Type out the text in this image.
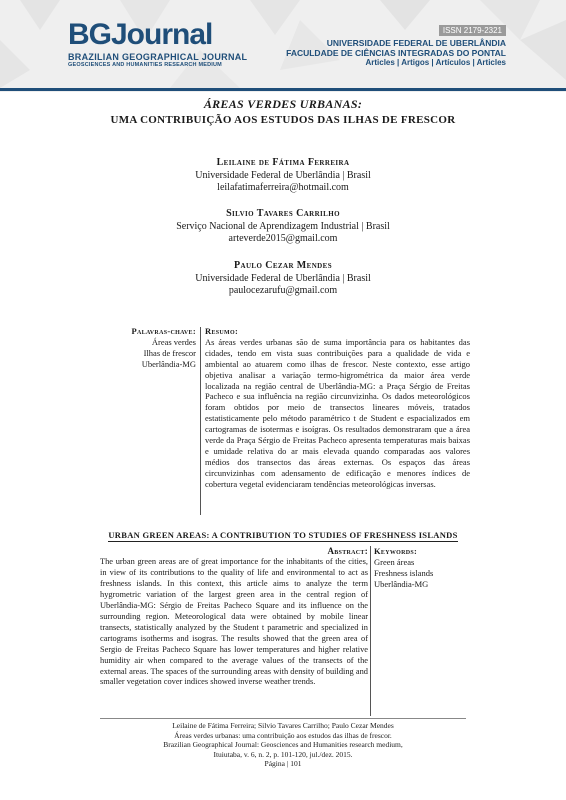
BGJournal
BRAZILIAN GEOGRAPHICAL JOURNAL
GEOSCIENCES AND HUMANITIES RESEARCH MEDIUM
ISSN 2179-2321
UNIVERSIDADE FEDERAL DE UBERLÂNDIA
FACULDADE DE CIÊNCIAS INTEGRADAS DO PONTAL
Articles | Artigos | Artículos | Articles
ÁREAS VERDES URBANAS:
UMA CONTRIBUIÇÃO AOS ESTUDOS DAS ILHAS DE FRESCOR
Leilaine de Fátima Ferreira
Universidade Federal de Uberlândia | Brasil
leilafatimaferreira@hotmail.com
Silvio Tavares Carrilho
Serviço Nacional de Aprendizagem Industrial | Brasil
arteverde2015@gmail.com
Paulo Cezar Mendes
Universidade Federal de Uberlândia | Brasil
paulocezarufu@gmail.com
Palavras-chave:
Áreas verdes
Ilhas de frescor
Uberlândia-MG
Resumo:
As áreas verdes urbanas são de suma importância para os habitantes das cidades, tendo em vista suas contribuições para a qualidade de vida e ambiental ao atuarem como ilhas de frescor. Neste contexto, esse artigo objetiva analisar a variação termo-higrométrica da maior área verde localizada na região central de Uberlândia-MG: a Praça Sérgio de Freitas Pacheco e sua influência na região circunvizinha. Os dados meteorológicos foram obtidos por meio de transectos lineares móveis, tratados estatisticamente pelo método paramétrico t de Student e espacializados em cartogramas de isotermas e isoígras. Os resultados demonstraram que a área verde da Praça Sérgio de Freitas Pacheco apresenta temperaturas mais baixas e umidade relativa do ar mais elevada quando comparadas aos valores médios dos transectos das áreas externas. Os espaços das áreas circunvizinhas com adensamento de edificação e menores índices de cobertura vegetal evidenciaram tendências meteorológicas inversas.
URBAN GREEN AREAS: A CONTRIBUTION TO STUDIES OF FRESHNESS ISLANDS
Abstract:
The urban green areas are of great importance for the inhabitants of the cities, in view of its contributions to the quality of life and environmental to act as freshness islands. In this context, this article aims to analyze the term hygrometric variation of the largest green area in the central region of Uberlândia-MG: Sérgio de Freitas Pacheco Square and its influence on the surrounding region. Meteorological data were obtained by mobile linear transects, statistically analyzed by the Student t parametric and specialized in cartograms isotherms and isogras. The results showed that the green area of Sergio de Freitas Pacheco Square has lower temperatures and higher relative humidity air when compared to the average values of the transects of the external areas. The spaces of the surrounding areas with density of building and smaller vegetation cover indices showed inverse weather trends.
Keywords:
Green áreas
Freshness islands
Uberlândia-MG
Leilaine de Fátima Ferreira; Silvio Tavares Carrilho; Paulo Cezar Mendes
Áreas verdes urbanas: uma contribuição aos estudos das ilhas de frescor.
Brazilian Geographical Journal: Geosciences and Humanities research medium,
Ituiutaba, v. 6, n. 2, p. 101-120, jul./dez. 2015.
Página | 101
